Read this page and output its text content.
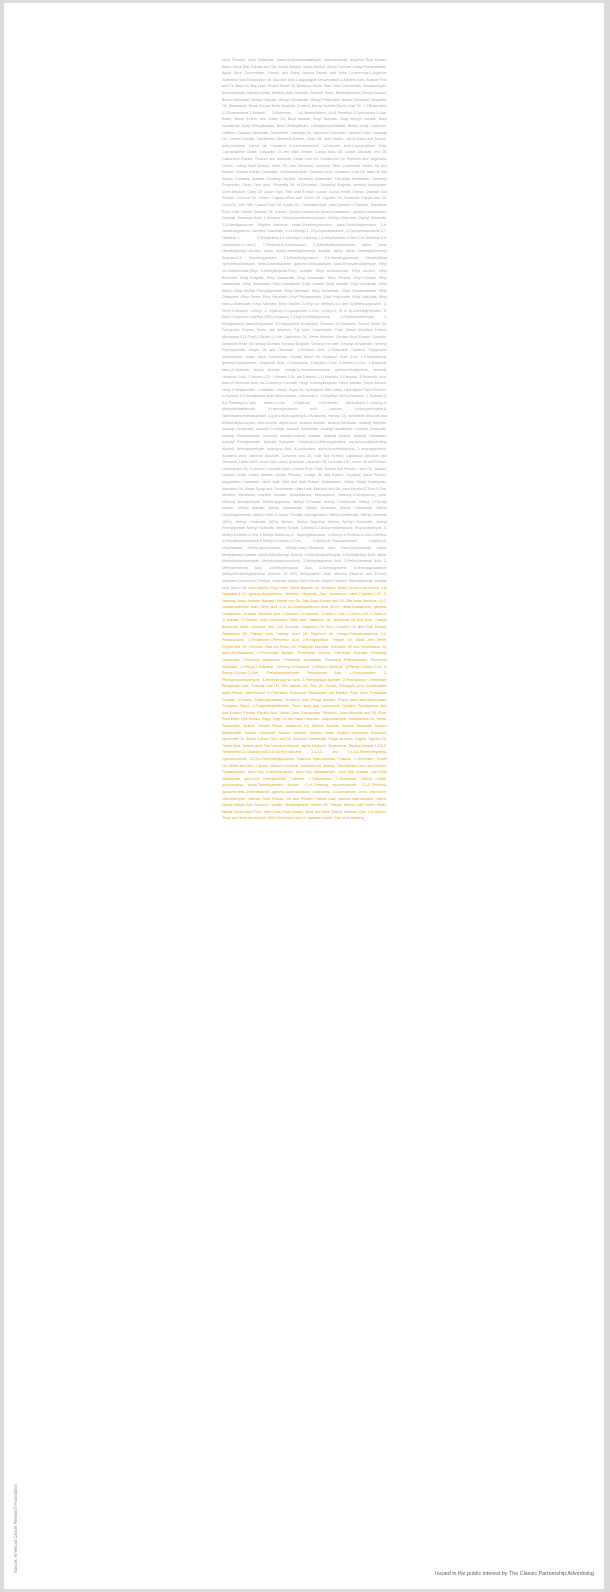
Amyl Formate, Amyl Octanoate, Alpha-Amylcinnamaldehyde, trans-Anethole, Angelica Root Extract, Anise, Anise Star, Extract and Oils, Anisyl Acetate, Anisyl Alcohol, Anisyl Formate, Anisyl Phenylacetate, Apple Juice Concentrate, Extract, and Skins, Apricot Extract and Juice Concentrate,1-Arginine, Asafetida Fluid Extract And Oil, Ascorbic Acid,1-Asparagine Monohydrate,1-Aspartic Acid, Balsam Peru and Oil, Basil Oil, Bay Leaf, Oil and Sweet Oil, Beeswax White, Beet Juice Concentrate, Benzaldehyde, Benzaldehyde Glyceryl Acetal, Benzoic Acid, Benzoin, Benzoin Resin, Benzophenone, Benzyl Alcohol, Benzyl Benzoate, Benzyl Butyrate, Benzyl Cinnamate, Benzyl Propionate, Benzyl Salicylate, Bergamot Oil, Bisabolene, Black Currant Buds Absolute, Borneol, Bornyl Acetate Buchu Leaf Oil, 1,3-Butanediol, 2,3-Butanedione,1-Butanol, 2-Butanone, 4(2-Butenylidene)-3,5,5-Trimethyl-2-Cyclohexen-1-One, Butter, Butter Esters, and Butter Oil, Butyl Acetate, Butyl Butyrate, Butyl Butyryl Lactate, Butyl Isovalerate, Butyl Phenylacetate, Butyl Undecylenate, 3-Butylidenephthalide, Butyric Acid], Cadinene, Caffeine, Calcium Carbonate, Camphene, Cananga Oil, Capsicum Oleoresin, Caramel Color, Caraway Oil, Carbon Dioxide, Cardamom Oleoresin Extract, Seed Oil, and Powder, Carob Bean and Extract, beta-Carotene, Carrot Oil, Carvacrol, 4-Carvomenthenol, 1-Carvone, beta-Caryophyllene, beta-Caryophyllene Oxide, Cascarilla Oil and Bark Extract, Cassia Bark Oil, Cassie Absolute and Oil, Castoreum Extract, Tincture and Absolute, Cedar Leaf Oil, Cedarwood Oil Terpenes and Virginiana, Cedrol, Celery Seed Extract, Solid, Oil, And Oleoresin, Cellulose Fiber Chamomile Flower Oil And Extract, Chicory Extract Chocolate, Cinnamaldehyde, Cinnamic Acid, Cinnamon Leaf Oil, Bark Oil and Extract Cinnamyl Acetate, Cinnamyl Alcohol, Cinnamyl Cinnamate, Cinnamyl Isovalerate, Cinnamyl Propionate, Citral, Citric Acid, Citronella Oil, dl-Citronellol, Citronellyl Butyrate, itronellyl Isobutyrate, Civet Absolute, Clary Oil, Clover Tops, Red Solid Extract, Cocoa, Cocoa Shells, Extract, Distillate And Powder, Coconut Oil, Coffee, Cognac White and Green Oil, Copaiba Oil, Coriander Extract and Oil, Corn Oil, Corn Silk, Costus Root Oil, Cubeb Oil, Cuminaldehyde, para-Cymene,1-Cysteine, Dandelion Root Solid Extract Davana Oil, 2-trans, 4-trans-Decadienal delta-Decalactone, gamma-Decalactone, Decanal, Decanoic Acid, 1-Decanol, Dehydromenthofurolactone, Diethyl Malonate, Diethyl Sebacate, 2,3-Diethylpyrazine, Dihydro Anethole, meta-Dimethoxybenzene, para-Dimethoxybenzene, 2,6-Dimethoxyphenol, Dimethyl Succinate, 3,4-Dimethyl-1, 2Cyclopentanedione, 2-Cyclopentanedione,3,7-Dimethyl-1, 3,6Octatriene,4,5-Dimethyl-3-Hydroxy-2,5-Dihydrofuran-2-One,6,10-Dimethyl-5,9-Undecadien-2-One,3, 7-Dimethyl-6-OctenoicAcid, 2,4Dimethylacetophenone, alpha, para-Dimethylbenzyl Alcohol, alpha, alpha-Dimethylphenethyl Acetate, alpha, alpha Dimethylphenethyl Butyrate,2,3- Dimethylpyrazine, 2,5-Dimethylpyrazine, 2,6-Dimethylpyrazine, Dimethyltetra hydrobenzofuranone, delta-Dodecalactone, gamma-Dodecalactone, para-Ethoxybenzaldehyde, Ethyl 10-Undecenoate,Ethyl 2-Methylbutyrate,Ethyl Acetate, Ethyl Acetoacetate, Ethyl Alcohol, Ethyl Benzoate, Ethyl Butyrate, Ethyl Cinnamate, Ethyl Decanoate, Ethyl Fenchol, Ethyl Furoate, Ethyl Heptanoate, Ethyl Hexanoate, Ethyl Isovalerate, Ethyl Lactate, Ethyl Laurate, Ethyl Levulinate, Ethyl Maltol, Ethyl Methyl Phenylglycidate, Ethyl Myristate, Ethyl Nonanoate, Ethyl Octadecanoate, Ethyl Octanoate, Ethyl Oleate, Ethyl Palmitate, Ethyl Phenylacetate, Ethyl Propionate, Ethyl Salicylate, Ethyl trans-2-Butenoate, Ethyl Valerate, Ethyl Vanillin, 2-Ethyl (or Methyl)-(3,5 and 6)-Methoxypyrazine, 2-Ethyl-1-Hexanol, 3-Ethyl -2 -Hydroxy-2-Cyclopenten-1-One, 2-Ethyl-3, (5 or 6)-Dimethylpyrazine, 5-Ethyl-3-Hydroxy-4-Methyl-2(5H)-Furanone,2-Ethyl-3-Methylpyrazine, 4-Ethylbenzaldehyde, 4-Ethylguaiacol, para-Ethylphenol, 3-Ethylpyridine, Eucalyptol, Farnesol, D-Fenchone, Fennel Sweet Oil, Fenugreek, Extract, Resin, and Absolute, Fig Juice Concentrate, Food Starch Modified, Furfuryl Mercaptan,4-(2-Furyl)-3-Buten-2-One, Galbanum Oil, Genet Absolute, Gentian Root Extract, Geraniol, Geranium Rose Oil,Geranyl Acetate, Geranyl Butyrate, Geranyl Formate, Geranyl Isovalerate, Geranyl Phenylacetate, Ginger Oil and Oleoresin, 1-Glutamic Acid, 1-Glutamine, Glycerol, Glycyrrhizin Ammoniated, Grape Juice Concentrate, Guaiac Wood Oil, Guaiacol, Guar Gum, 2,4-Heptadienal, gamma-Heptalactone, Heptanoic Acid, 2-Heptanone, 3-Hepten-2-One, 2-Hepten-4-One, 4-Heptenal, trans-2-Heptenal, Heptyl Acetate, omega-6-Hexadecenlactone, gamma-Hexalactone, Hexanal, Hexanoic Acid, 2-Hexen-1-Ol, 3-Hexen-1-Ol, cis-3-Hexen-1-Yl Acetate, 2-Hexenal, 3-Hexenoic Acid, trans-2-Hexenoic Acid, cis-3-Hexenyl Formate, Hexyl 2-Methylbutyrate, Hexyl Acetate, Hexyl Alcohol, Hexyl Phenylacetate, 1-Histidine, Honey, Hops Oil, Hydrolyzed Milk Solids, Hydrolyzed Plant Proteins, 5-Hydroxy-2,4-Decadienoic Acid delta-Lactone, 4-Hydroxy-2, 5-Dimethyl-3(2H)-Furanone, 2-Hydroxy-3, 5,5-Trimethyl-2-Cyclo hexen-1-One, 4-Hydroxy -3-Pentenoic AcidLactone,2-Hydroxy-4-Methylbenzaldehyde, 4-Hydroxybutanoic Acid Lactone, Hydroxycitronellal,6-Hydroxydihydrotheaspirane, 4-(para-Hydroxyphenyl)-2-Butanone, Hyssop Oil, Immortelle Absolute and Extract,alpha-Ionone, beta-Ionone, alpha-Irone, Isoamyl Acetate, Isoamyl Benzoate, Isoamyl Butyrate, Isoamyl Cinnamate, Isoamyl Formate, Isoamyl Hexanoate, Isoamyl Isovalerate, Isoamyl Octanoate, Isoamyl Phenylacetate, Isobornyl Acetate,Isobutyl Acetate, Isobutyl Alcohol, Isobutyl Cinnamate, Isobutyl Phenylacetate, Isobutyl Salicylate, 2-Isobutyl-3-Methoxypyrazine, alpha-Isobutylphenethyl Alcohol, Isobutyraldehyde, Isobutyric Acid, d,l-Isoleucine, alpha-Isomethylionone, 2-Isopropylphenol, Isovaleric Acid, Jasmine Absolute, Concrete and Oil, Kola Nut Extract, Labdanum Absolute and Oleoresin, Lactic Acid, Lauric Acid, Lauric Aldehyde, Lavandin Oil, Lavender Oil, Lemon Oil and Extract, Lemongrass Oil, 1-Leucine, Levulinic Acid, Licorice Root, Fluid, Extract and Powder, Lime Oil, Linalool, Linalool Oxide, Linalyl Acetate, Linden Flowers, Lovage Oil And Extract, 1-Lysine], Mace Powder, Magnesium Carbonate, Malic Acid, Malt and Malt Extract, Maltodextrin, Maltol, Maltyl Isobutyrate, Mandarin Oil, Maple Syrup and Concentrate, Mate Leaf, Absolute and Oil, para-Mentha-8-Thiol-3-One, Menthol, Menthone, Menthyl Acetate, dl-Methionine, Methoprene, Methoxy-4-Vinylphenol, para-Methoxy benzaldehyde, Methoxypyrazine, Methyl 2-Furoate, Methyl 2-Octynoate, Methyl 2-Pyrrolyl Ketone, Methyl Anisate, Methyl Anthranilate, Methyl Benzoate, Methyl Cinnamate, Methyl Dihydrojasmonate, Methyl Ester of Rosin, Partially Hydrogenated, Methyl Isovalerate, Methyl Linoleate (48%), Methyl Linolenate (52%) Mixture, Methyl Naphthyl Ketone, Methyl Nicotinate, Methyl Phenylacetate, Methyl Salicylate, Methyl Sulfide, 3-Methyl-1-Cyclopentadecanone, Propionaldehyde, 3-Methyl-3-Hexen-2-One,1-Methyl-3Methoxy-4- Isopropylbenzene, 4-Methyl-3-Pentene-2-One,2-Methyl-4-Phenylbutyraldehyde,6-Methyl-5-Hepten-2-One, 4-Methyl-5-Thiazoleethanol, 4-Methyl-5-Vinylthiazole, Methyl-alpha-Ionone, Methyl-trans-2-Butenoic Acid, Para-Methylanisole, Alpha-Methylbenzyl Acetate, Alpha-Methylbenzyl Alcohol, 3-Methylbutyraldehyde, 2-Methylbutyric Acid, alpha-Methylcinnamaldehyde, Methylcyclopentenolone, 2-Methylheptanoic Acid, 2-Methylhexanoic Acid, 3-Methylpentanoic Acid, 4-Methylpentanoic Acid, 2-Methylpyrazine, 5-Methylquinoxaline, (Methylthio)Methylpyrazine (Mixture Of ISO) Methylvaleric Acid, Mimosa Absolute and Extract, Molasses Extract and Tincture, Mountain Maple Solid Extract, Mullein Flowers, Myristaldehyde, Myristic Acid, Myrrh Oil, beta-Napthyl Ethyl Ether, Neroli Bigarde Oil, Nerolidol, Nona-2-trans,6-cis-Dienal, 2,6-Nonadien-1-Ol, gamma-Nonalactone, Nonanal, Nonanoic Acid, Nonanone, trans-2-Nonen-1-Ol, 2-Nonenal, Nonyl Acetate, Nutmeg Powder and Oil, Oak Chips Extract and Oil, Oak Moss Absolute, 9,12-Octadecadienoic Acid (48%) And 9,12,15-Octadecatrienoic Acid (52%), delta-Octalactone, gamma-Octalactone, Octanal, Octanoic Acid, 1-Octanol, 2-Octanone, 3-Octen-2-One, 1-Octen-3-Ol, 1-Octen-3-Yl Acetate, 2-Octenal, Octyl Isobutyrate, Oleic Acid, Olibanum Oil, Opoponax Oil And Gum, Orange Blossoms Water, Absolute, and Leaf Absolute, Origanum Oil Orris Concrete Oil and Root Extract, Palmarosa Oil, Palmitic Acid, Parsley Seed Oil, Patchouli Oil, omega-Pentadecalactone 2,3-Pentanedione, 2-Pentanone,4-Pentenoic Acid, 2-Pentylpyridine, Pepper Oil, Black And White, Peppermint Oil, Peruvian (Bois De Rose) Oil, Petitgrain Absolute, Mandarin Oil and Terpeneless Oil, alpha-Phellandrene, 2-Phenenthyl Acetate, Phenenthyl Alcohol, Phenethyl Butyrate, Phenethyl Cinnamate, Phenethyl Isobutyrate, Phenethyl Isovalerate, Phenethyl Phenylacetate, Phenethyl Salicylate, 1-Phenyl-1-Propanol, 3-Phenyl-1-Propanol, 2-Phenyl-2-Butenal, 4-Phenyl-3-Buten-2-Ol, 4-Phenyl-3-Buten-2-One, Phenylacetaldehyde, Phenylacetic Acid, 1-Phenylalanine, 3-Phenylpropionaldehyde, 3-Phenylpropionic Acid, 3-Phenylpropyl Acetate, 3-Phenylpropyl Cinnamate, Phosphoric Acid, Pimenta Leaf Oil, Pine Needle Oil, Pine Oil, Scotch, Pineapple Juice Concentrate, alpha-Pinene, beta-Pinene, D-Piperitone, Piperonal, Pipsissewa Leaf Extract, Plum Juice, Potassium Sorbate, 1-Proline, Propenylguaethol, Propionic Acid, Propyl Acetate, Propyl para-Hydroxybenzoate, Propylene Glycol, 3-Propylidenephthalide, Prune Juice and Concentrate, Pyridine, Pyroligneous Acid And Extract, Pyrrole, Pyruvic Acid, Raisin Juice Concentrate, Rhodinol, Rose Absolute and Oil, Rum, Rum Ether, Rye Extract, Sage, Sage Oil and Sage Oleoresin, Salicylaldehyde, Sandalwood Oil, Yellow, Sclareolide, Skatole, Smoke Flavor, Snakeroot Oil, Sodium Acetate, Sodium Benzoate, Sodium Bicarbonate, Sodium Carbonate, Sodium Chloride, Sodium Citrate, Sodium Hydroxide, Solanone, Spearmint Oil, Styrax Extract, Gum and Oil, Sucrose Octaacetate, Sugar Alcohols, Sugars, Tagetes Oil, Tannic Acid, Tartaric Acid, Tea Leaf and Absolute, alpha-Terpineol, Terpinolene, Terpinyl Acetate,1,5,5,9-Tetramethyl-13-Oxatricyclo(8.3.0.0(4,9))Tridecane, 2,3,4,5, and 3,4,5,6-Tetramethylethyl-Cyclohexanone, 2,3,5,6-Tetramethylpyrazine, Thiamine Hydrochloride, Thiazole, 1-Threonine, Thyme Oil, White and Red, Thymol, Tobacco Extracts, Tochopherols (mixed), Tolu Balsam Gum and Extract, Tolualdehydes, para-Tolyl 3-Methylbutyrate, para-Tolyl Acetaldehyde, para-Tolyl Acetate, para-Tolyl Isobutyrate, para-Tolyl Phenylacetate, Triacetin, 2-Tridecanone, 2-Tridecenal, Triethyl Citrate, pseudoalpha, alpha-Trimethylbenzyl Alcohol, 2,2,6-Trimethyl cyclohexanone, 2,3,5-Trimethyl-pyrazine,delta-Undecalactone, gamma-Undecalactone, Undecanal, 2-Undecanone, Urea, Valencene, Valeraldehyde, Valerian Root Extract, Oil and Powder, Valeric Acid, gamma-Valerolactone, Valine, Vanilla Extract And Oleoresin, Vanillin, Veratraldehyde, Vetiver Oil, Vinegar, Walnut Hull Extract, Water, Wheat Extract And Flour, Wild Cherry Bark Extract, Wine and Wine Sherry, Xanthan Gum, 3,4-Xylenol, Yeast and there are another 4000 chemicals found in cigarette smoke. Say no to smoking
Source: American Cancer Research Foundation
Issued in the public interest by The Classic Partnership Advertising
